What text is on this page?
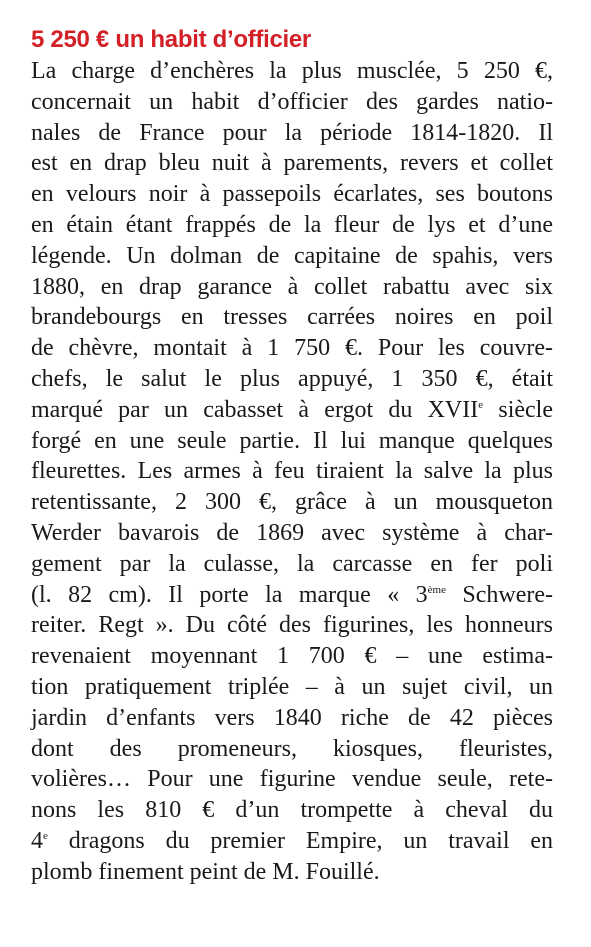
5 250 € un habit d’officier
La charge d’enchères la plus musclée, 5 250 €,
concernait un habit d’officier des gardes natio-
nales de France pour la période 1814-1820. Il
est en drap bleu nuit à parements, revers et collet
en velours noir à passepoils écarlates, ses boutons
en étain étant frappés de la fleur de lys et d’une
légende. Un dolman de capitaine de spahis, vers
1880, en drap garance à collet rabattu avec six
brandebourgs en tresses carrées noires en poil
de chèvre, montait à 1 750 €. Pour les couvre-
chefs, le salut le plus appuyé, 1 350 €, était
marqué par un cabasset à ergot du XVIIe siècle
forgé en une seule partie. Il lui manque quelques
fleurettes. Les armes à feu tiraient la salve la plus
retentissante, 2 300 €, grâce à un mousqueton
Werder bavarois de 1869 avec système à char-
gement par la culasse, la carcasse en fer poli
(l. 82 cm). Il porte la marque « 3ème Schwere-
reiter. Regt ». Du côté des figurines, les honneurs
revenaient moyennant 1 700 € – une estima-
tion pratiquement triplée – à un sujet civil, un
jardin d’enfants vers 1840 riche de 42 pièces
dont des promeneurs, kiosques, fleuristes,
volières… Pour une figurine vendue seule, rete-
nons les 810 € d’un trompette à cheval du
4e dragons du premier Empire, un travail en
plomb finement peint de M. Fouillé.
